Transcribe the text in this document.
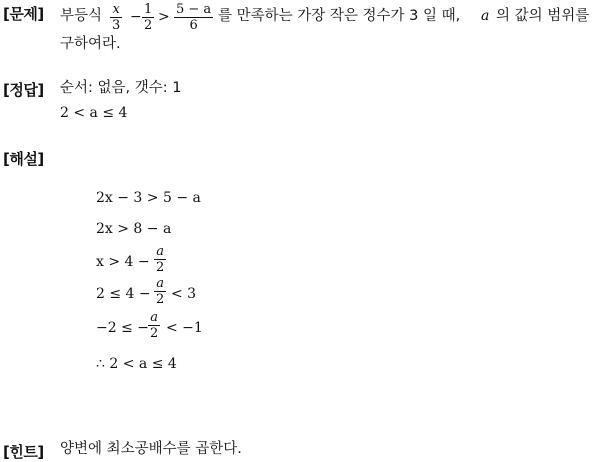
[문제] 부등식 $\frac{x}{3} - \frac{1}{2} > \frac{5 - a}{6}$ 를 만족하는 가장 작은 정수가 3 일 때, a 의 값의 범위를
구하여라.
[정답] 순서: 없음, 갯수: 1
2 < a ≤ 4
[해설]
2x − 3 > 5 − a
2x > 8 − a
$x > 4 - \frac{a}{2}$
$2 \le 4 - \frac{a}{2} < 3$
−2 ≤ − $\frac{a}{2} < -1$
∴ 2 < a ≤ 4
[힌트] 양변에 최소공배수를 곱한다.
